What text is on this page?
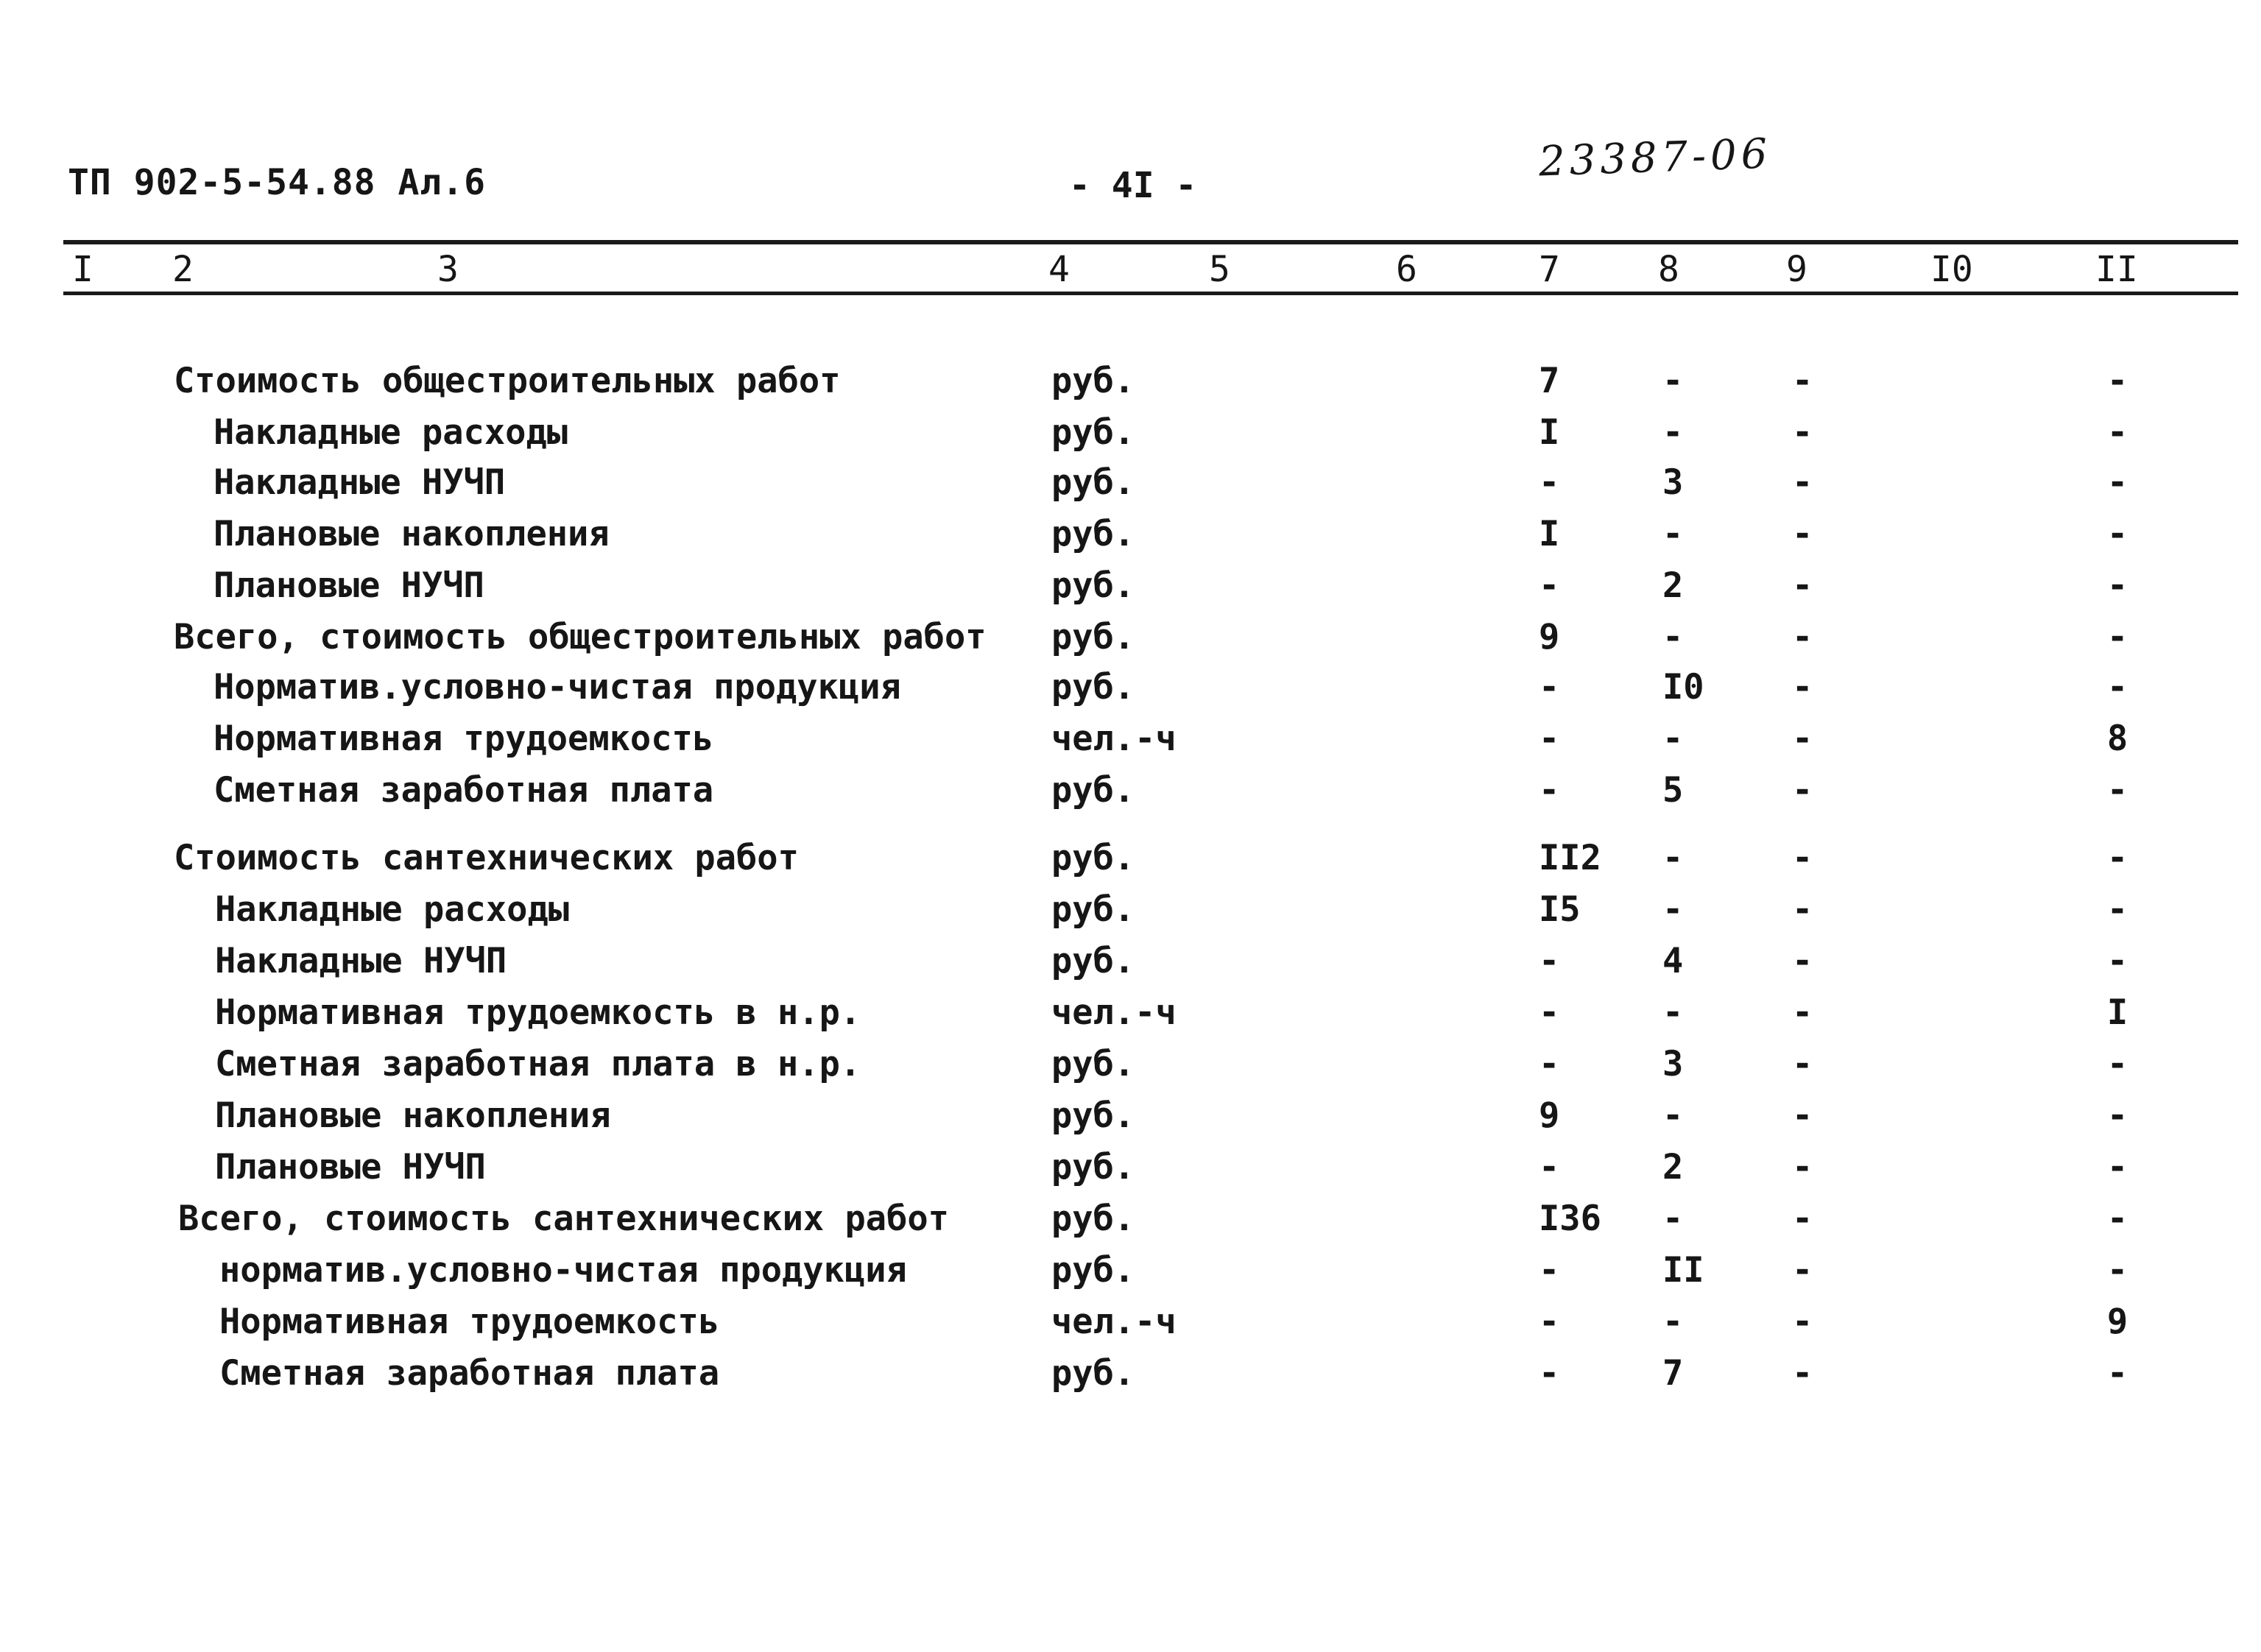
ТП 902-5-54.88 Ал.6	- 4I -	23387-06
I 2	3	4	5	6	7	8	9	I0	II
Стоимость общестроительных работ	руб.	7	-	-	-
Накладные расходы	руб.	I	-	-	-
Накладные НУЧП	руб.	-	3	-	-
Плановые накопления	руб.	I	-	-	-
Плановые НУЧП	руб.	-	2	-	-
Всего, стоимость общестроительных работ руб.	9	-	-	-
Норматив.условно-чистая продукция	руб.	-	I0	-	-
Нормативная трудоемкость	чел.-ч	-	-	-	8
Сметная заработная плата	руб.	-	5	-	-
Стоимость сантехнических работ	руб.	II2	-	-	-
Накладные расходы	руб.	I5	-	-	-
Накладные НУЧП	руб.	-	4	-	-
Нормативная трудоемкость в н.р.	чел.-ч	-	-	-	I
Сметная заработная плата в н.р.	руб.	-	3	-	-
Плановые накопления	руб.	9	-	-	-
Плановые НУЧП	руб.	-	2	-	-
Всего, стоимость сантехнических работ	руб.	I36	-	-	-
норматив.условно-чистая продукция	руб.	-	II	-	-
Нормативная трудоемкость	чел.-ч	-	-	-	9
Сметная заработная плата	руб.	-	7	-	-
